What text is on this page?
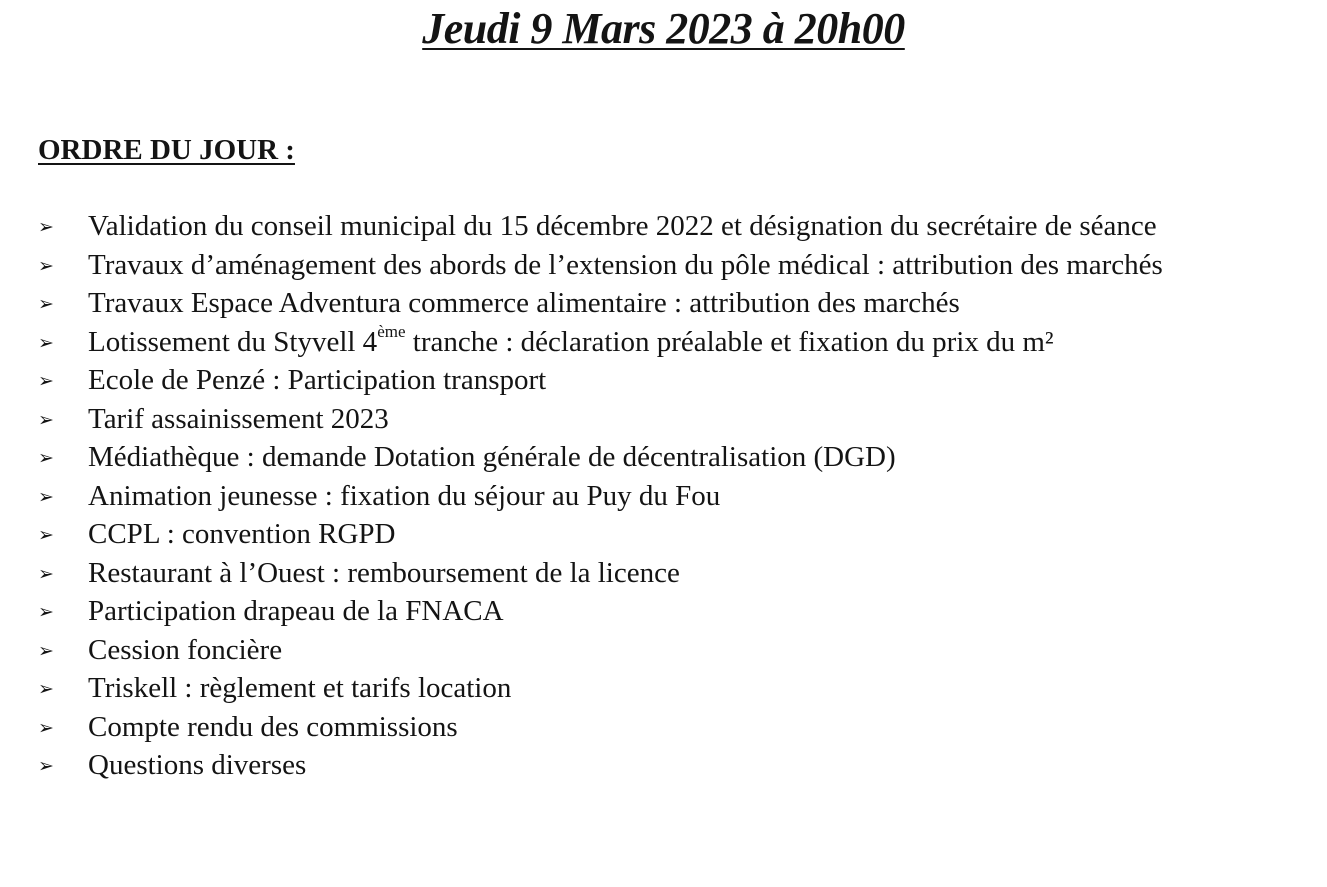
Jeudi 9 Mars 2023 à 20h00
ORDRE DU JOUR :
➢ Validation du conseil municipal du 15 décembre 2022 et désignation du secrétaire de séance
➢ Travaux d’aménagement des abords de l’extension du pôle médical : attribution des marchés
➢ Travaux Espace Adventura commerce alimentaire : attribution des marchés
➢ Lotissement du Styvell 4ème tranche : déclaration préalable et fixation du prix du m²
➢ Ecole de Penzé : Participation transport
➢ Tarif assainissement 2023
➢ Médiathèque : demande Dotation générale de décentralisation (DGD)
➢ Animation jeunesse : fixation du séjour au Puy du Fou
➢ CCPL : convention RGPD
➢ Restaurant à l’Ouest : remboursement de la licence
➢ Participation drapeau de la FNACA
➢ Cession foncière
➢ Triskell : règlement et tarifs location
➢ Compte rendu des commissions
➢ Questions diverses
